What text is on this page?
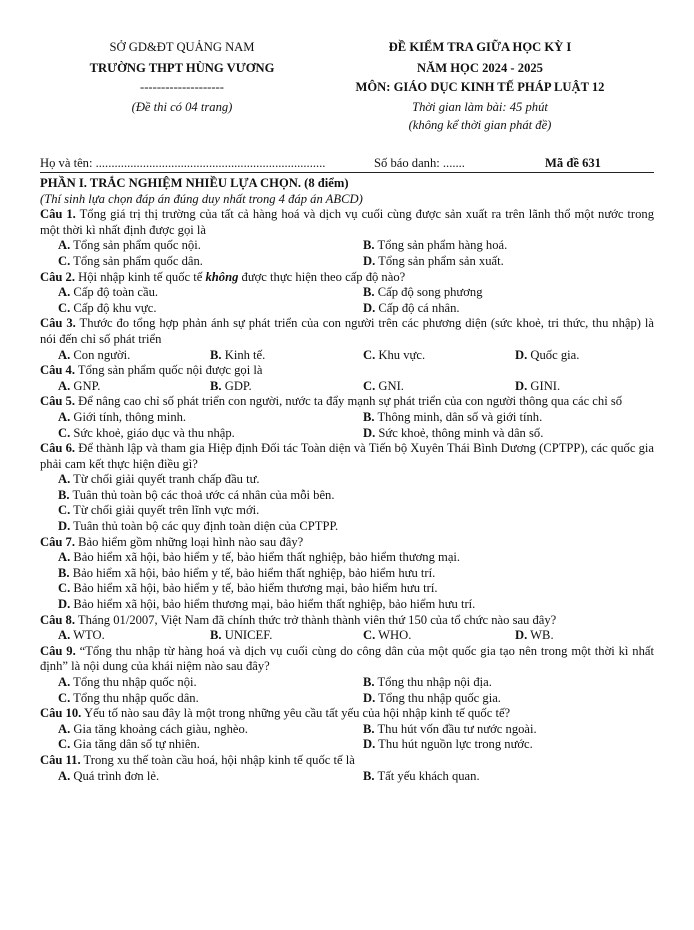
SỞ GD&ĐT QUẢNG NAM
TRƯỜNG THPT HÙNG VƯƠNG
--------------------
(Đề thi có 04 trang)
ĐỀ KIỂM TRA GIỮA HỌC KỲ I
NĂM HỌC 2024 - 2025
MÔN: GIÁO DỤC KINH TẾ PHÁP LUẬT 12
Thời gian làm bài: 45 phút
(không kể thời gian phát đề)
Họ và tên: .........................................................................	Số báo danh: .......	Mã đề 631
PHẦN I. TRẮC NGHIỆM NHIỀU LỰA CHỌN. (8 điểm)
(Thí sinh lựa chọn đáp án đúng duy nhất trong 4 đáp án ABCD)
Câu 1. Tổng giá trị thị trường của tất cả hàng hoá và dịch vụ cuối cùng được sản xuất ra trên lãnh thổ một nước trong một thời kì nhất định được gọi là
A. Tổng sản phẩm quốc nội.	B. Tổng sản phẩm hàng hoá.
C. Tổng sản phẩm quốc dân.	D. Tổng sản phẩm sản xuất.
Câu 2. Hội nhập kinh tế quốc tế không được thực hiện theo cấp độ nào?
A. Cấp độ toàn cầu.	B. Cấp độ song phương
C. Cấp độ khu vực.	D. Cấp độ cá nhân.
Câu 3. Thước đo tổng hợp phản ánh sự phát triển của con người trên các phương diện (sức khoẻ, tri thức, thu nhập) là nói đến chỉ số phát triển
A. Con người.	B. Kinh tế.	C. Khu vực.	D. Quốc gia.
Câu 4. Tổng sản phẩm quốc nội được gọi là
A. GNP.	B. GDP.	C. GNI.	D. GINI.
Câu 5. Để nâng cao chỉ số phát triển con người, nước ta đẩy mạnh sự phát triển của con người thông qua các chỉ số
A. Giới tính, thông minh.	B. Thông minh, dân số và giới tính.
C. Sức khoẻ, giáo dục và thu nhập.	D. Sức khoẻ, thông minh và dân số.
Câu 6. Để thành lập và tham gia Hiệp định Đối tác Toàn diện và Tiến bộ Xuyên Thái Bình Dương (CPTPP), các quốc gia phải cam kết thực hiện điều gì?
A. Từ chối giải quyết tranh chấp đầu tư.
B. Tuân thủ toàn bộ các thoả ước cá nhân của mỗi bên.
C. Từ chối giải quyết trên lĩnh vực mới.
D. Tuân thủ toàn bộ các quy định toàn diện của CPTPP.
Câu 7. Bảo hiểm gồm những loại hình nào sau đây?
A. Bảo hiểm xã hội, bảo hiểm y tế, bảo hiểm thất nghiệp, bảo hiểm thương mại.
B. Bảo hiểm xã hội, bảo hiểm y tế, bảo hiểm thất nghiệp, bảo hiểm hưu trí.
C. Bảo hiểm xã hội, bảo hiểm y tế, bảo hiểm thương mại, bảo hiểm hưu trí.
D. Bảo hiểm xã hội, bảo hiểm thương mại, bảo hiểm thất nghiệp, bảo hiểm hưu trí.
Câu 8. Tháng 01/2007, Việt Nam đã chính thức trở thành thành viên thứ 150 của tổ chức nào sau đây?
A. WTO.	B. UNICEF.	C. WHO.	D. WB.
Câu 9. “Tổng thu nhập từ hàng hoá và dịch vụ cuối cùng do công dân của một quốc gia tạo nên trong một thời kì nhất định” là nội dung của khái niệm nào sau đây?
A. Tổng thu nhập quốc nội.	B. Tổng thu nhập nội địa.
C. Tổng thu nhập quốc dân.	D. Tổng thu nhập quốc gia.
Câu 10. Yếu tố nào sau đây là một trong những yêu cầu tất yếu của hội nhập kinh tế quốc tế?
A. Gia tăng khoảng cách giàu, nghèo.	B. Thu hút vốn đầu tư nước ngoài.
C. Gia tăng dân số tự nhiên.	D. Thu hút nguồn lực trong nước.
Câu 11. Trong xu thế toàn cầu hoá, hội nhập kinh tế quốc tế là
A. Quá trình đơn lẻ.	B. Tất yếu khách quan.
